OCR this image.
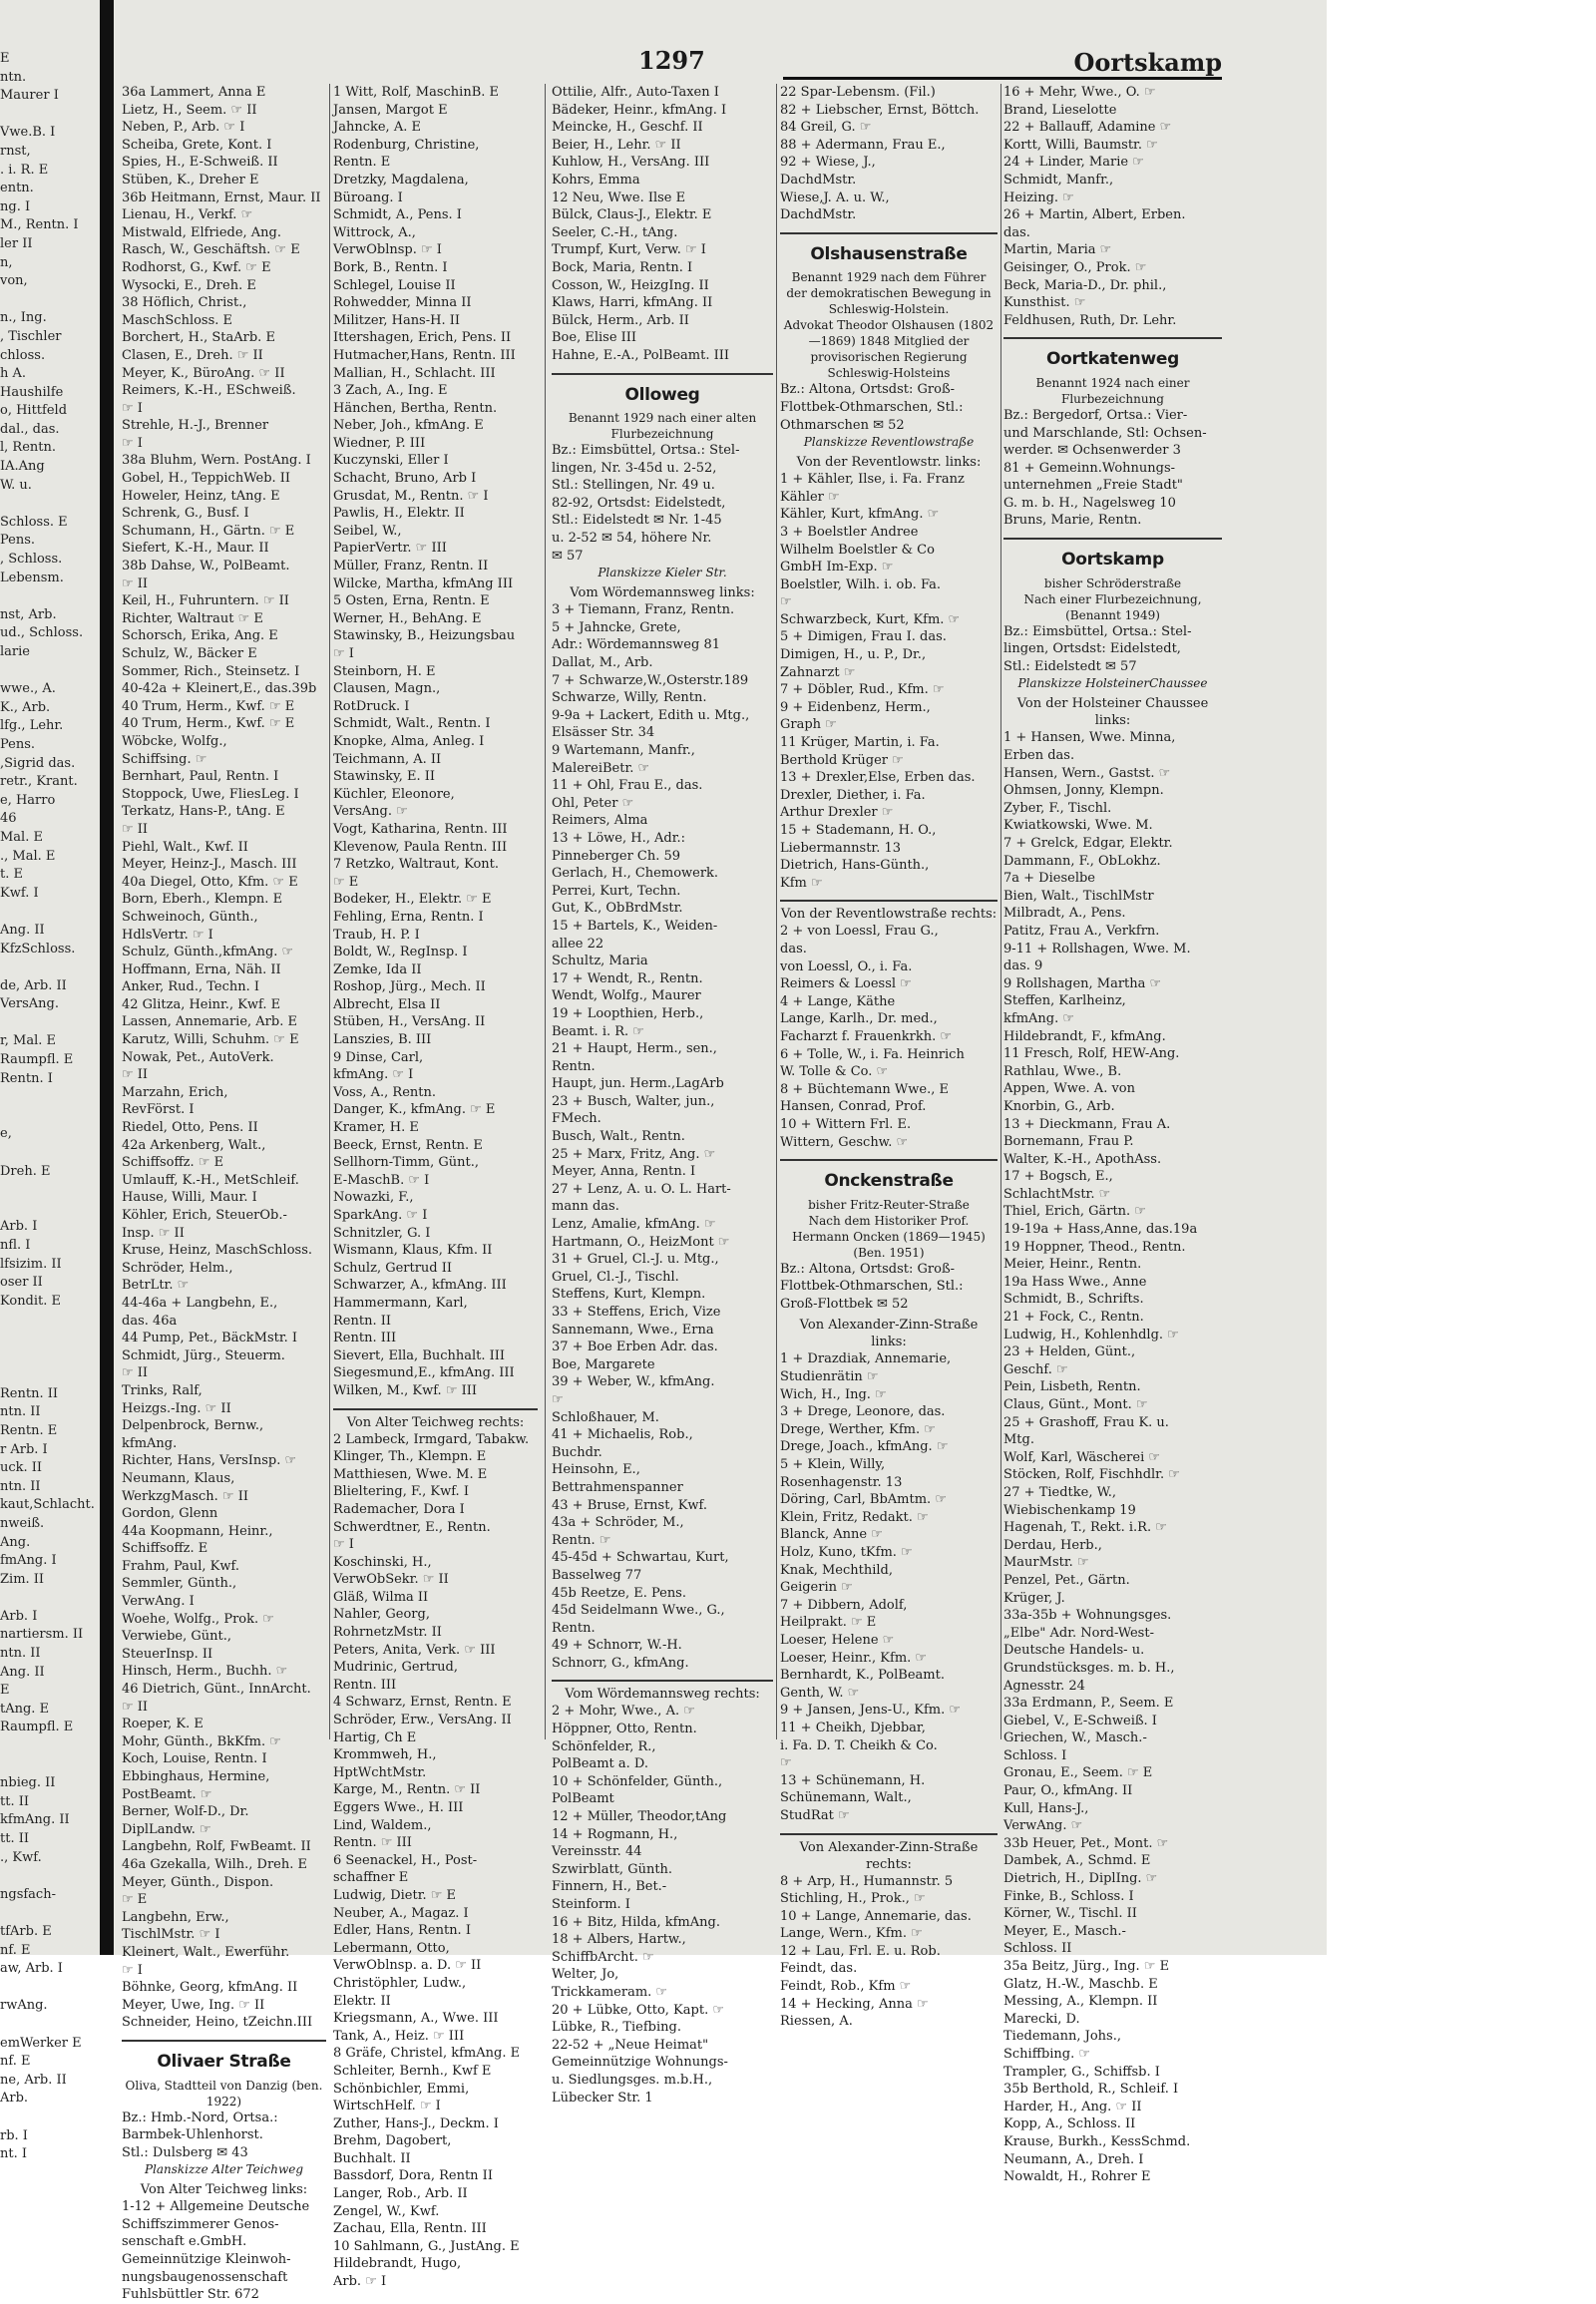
E
ntn.
Maurer I
Vwe.B. I
rnst,
. i. R. E
entn.
ng. I
M., Rentn. I
ler II
n,
von,
n., Ing.
, Tischler
chloss.
h A.
Haushilfe
o, Hittfeld
dal., das.
l, Rentn.
IA.Ang
W. u.
Schloss. E
Pens.
, Schloss.
Lebensm.
nst, Arb.
ud., Schloss.
larie
wwe., A.
K., Arb.
lfg., Lehr.
Pens.
,Sigrid das.
retr., Krant.
e, Harro
46
Mal. E
., Mal. E
t. E
Kwf. I
Ang. II
KfzSchloss.
de, Arb. II
VersAng.
r, Mal. E
Raumpfl. E
Rentn. I
e,
Dreh. E
Arb. I
nfl. I
lfsizim. II
oser II
Kondit. E
Rentn. II
ntn. II
Rentn. E
r Arb. I
uck. II
ntn. II
kaut,Schlacht.
nweiß.
Ang.
fmAng. I
Zim. II
Arb. I
nartiersm. II
ntn. II
Ang. II
E
tAng. E
Raumpfl. E
nbieg. II
tt. II
kfmAng. II
tt. II
., Kwf.
ngsfach-
tfArb. E
nf. E
aw, Arb. I
rwAng.
emWerker E
nf. E
ne, Arb. II
Arb.
rb. I
nt. I
1297	Oortskamp
36a Lammert, Anna E
Lietz, H., Seem. ☞ II
Neben, P., Arb. ☞ I
Scheiba, Grete, Kont. I
Spies, H., E-Schweiß. II
Stüben, K., Dreher E
36b Heitmann, Ernst, Maur. II
Lienau, H., Verkf. ☞
Mistwald, Elfriede, Ang.
Rasch, W., Geschäftsh. ☞ E
Rodhorst, G., Kwf. ☞ E
Wysocki, E., Dreh. E
38 Höflich, Christ.,
MaschSchloss. E
Borchert, H., StaArb. E
Clasen, E., Dreh. ☞ II
Meyer, K., BüroAng. ☞ II
Reimers, K.-H., ESchweiß.
☞ I
Strehle, H.-J., Brenner
☞ I
38a Bluhm, Wern. PostAng. I
Gobel, H., TeppichWeb. II
Howeler, Heinz, tAng. E
Schrenk, G., Busf. I
Schumann, H., Gärtn. ☞ E
Siefert, K.-H., Maur. II
38b Dahse, W., PolBeamt.
☞ II
Keil, H., Fuhruntern. ☞ II
Richter, Waltraut ☞ E
Schorsch, Erika, Ang. E
Schulz, W., Bäcker E
Sommer, Rich., Steinsetz. I
40-42a + Kleinert,E., das.39b
40 Trum, Herm., Kwf. ☞ E
40 Trum, Herm., Kwf. ☞ E
Wöbcke, Wolfg.,
Schiffsing. ☞
Bernhart, Paul, Rentn. I
Stoppock, Uwe, FliesLeg. I
Terkatz, Hans-P., tAng. E
☞ II
Piehl, Walt., Kwf. II
Meyer, Heinz-J., Masch. III
40a Diegel, Otto, Kfm. ☞ E
Born, Eberh., Klempn. E
Schweinoch, Günth.,
HdlsVertr. ☞ I
Schulz, Günth.,kfmAng. ☞
Hoffmann, Erna, Näh. II
Anker, Rud., Techn. I
42 Glitza, Heinr., Kwf. E
Lassen, Annemarie, Arb. E
Karutz, Willi, Schuhm. ☞ E
Nowak, Pet., AutoVerk.
☞ II
Marzahn, Erich,
RevFörst. I
Riedel, Otto, Pens. II
42a Arkenberg, Walt.,
Schiffsoffz. ☞ E
Umlauff, K.-H., MetSchleif.
Hause, Willi, Maur. I
Köhler, Erich, SteuerOb.-
Insp. ☞ II
Kruse, Heinz, MaschSchloss.
Schröder, Helm.,
BetrLtr. ☞
44-46a + Langbehn, E.,
das. 46a
44 Pump, Pet., BäckMstr. I
Schmidt, Jürg., Steuerm.
☞ II
Trinks, Ralf,
Heizgs.-Ing. ☞ II
Delpenbrock, Bernw.,
kfmAng.
Richter, Hans, VersInsp. ☞
Neumann, Klaus,
WerkzgMasch. ☞ II
Gordon, Glenn
44a Koopmann, Heinr.,
Schiffsoffz. E
Frahm, Paul, Kwf.
Semmler, Günth.,
VerwAng. I
Woehe, Wolfg., Prok. ☞
Verwiebe, Günt.,
SteuerInsp. II
Hinsch, Herm., Buchh. ☞
46 Dietrich, Günt., InnArcht.
☞ II
Roeper, K. E
Mohr, Günth., BkKfm. ☞
Koch, Louise, Rentn. I
Ebbinghaus, Hermine,
PostBeamt. ☞
Berner, Wolf-D., Dr.
DiplLandw. ☞
Langbehn, Rolf, FwBeamt. II
46a Gzekalla, Wilh., Dreh. E
Meyer, Günth., Dispon.
☞ E
Langbehn, Erw.,
TischlMstr. ☞ I
Kleinert, Walt., Ewerführ.
☞ I
Böhnke, Georg, kfmAng. II
Meyer, Uwe, Ing. ☞ II
Schneider, Heino, tZeichn.III
Olivaer Straße
Oliva, Stadtteil von Danzig (ben. 1922)
Bz.: Hmb.-Nord, Ortsa.:
Barmbek-Uhlenhorst.
Stl.: Dulsberg ✉ 43
Planskizze Alter Teichweg
Von Alter Teichweg links:
1-12 + Allgemeine Deutsche
Schiffszimmerer Genos-
senschaft e.GmbH.
Gemeinnützige Kleinwoh-
nungsbaugenossenschaft
Fuhlsbüttler Str. 672
1 Witt, Rolf, MaschinB. E
Jansen, Margot E
Jahncke, A. E
Rodenburg, Christine,
Rentn. E
Dretzky, Magdalena,
Büroang. I
Schmidt, A., Pens. I
Wittrock, A.,
VerwOblnsp. ☞ I
Bork, B., Rentn. I
Schlegel, Louise II
Rohwedder, Minna II
Militzer, Hans-H. II
Ittershagen, Erich, Pens. II
Hutmacher,Hans, Rentn. III
Mallian, H., Schlacht. III
3 Zach, A., Ing. E
Hänchen, Bertha, Rentn.
Neber, Joh., kfmAng. E
Wiedner, P. III
Kuczynski, Eller I
Schacht, Bruno, Arb I
Grusdat, M., Rentn. ☞ I
Pawlis, H., Elektr. II
Seibel, W.,
PapierVertr. ☞ III
Müller, Franz, Rentn. II
Wilcke, Martha, kfmAng III
5 Osten, Erna, Rentn. E
Werner, H., BehAng. E
Stawinsky, B., Heizungsbau
☞ I
Steinborn, H. E
Clausen, Magn.,
RotDruck. I
Schmidt, Walt., Rentn. I
Knopke, Alma, Anleg. I
Teichmann, A. II
Stawinsky, E. II
Küchler, Eleonore,
VersAng. ☞
Vogt, Katharina, Rentn. III
Klevenow, Paula Rentn. III
7 Retzko, Waltraut, Kont.
☞ E
Bodeker, H., Elektr. ☞ E
Fehling, Erna, Rentn. I
Traub, H. P. I
Boldt, W., RegInsp. I
Zemke, Ida II
Roshop, Jürg., Mech. II
Albrecht, Elsa II
Stüben, H., VersAng. II
Lanszies, B. III
9 Dinse, Carl,
kfmAng. ☞ I
Voss, A., Rentn.
Danger, K., kfmAng. ☞ E
Kramer, H. E
Beeck, Ernst, Rentn. E
Sellhorn-Timm, Günt.,
E-MaschB. ☞ I
Nowazki, F.,
SparkAng. ☞ I
Schnitzler, G. I
Wismann, Klaus, Kfm. II
Schulz, Gertrud II
Schwarzer, A., kfmAng. III
Hammermann, Karl,
Rentn. II
Rentn. III
Sievert, Ella, Buchhalt. III
Siegesmund,E., kfmAng. III
Wilken, M., Kwf. ☞ III
Von Alter Teichweg rechts:
2 Lambeck, Irmgard, Tabakw.
Klinger, Th., Klempn. E
Matthiesen, Wwe. M. E
Blieltering, F., Kwf. I
Rademacher, Dora I
Schwerdtner, E., Rentn.
☞ I
Koschinski, H.,
VerwObSekr. ☞ II
Gläß, Wilma II
Nahler, Georg,
RohrnetzMstr. II
Peters, Anita, Verk. ☞ III
Mudrinic, Gertrud,
Rentn. III
4 Schwarz, Ernst, Rentn. E
Schröder, Erw., VersAng. II
Hartig, Ch E
Krommweh, H.,
HptWchtMstr.
Karge, M., Rentn. ☞ II
Eggers Wwe., H. III
Lind, Waldem.,
Rentn. ☞ III
6 Seenackel, H., Post-
schaffner E
Ludwig, Dietr. ☞ E
Neuber, A., Magaz. I
Edler, Hans, Rentn. I
Lebermann, Otto,
VerwOblnsp. a. D. ☞ II
Christöphler, Ludw.,
Elektr. II
Kriegsmann, A., Wwe. III
Tank, A., Heiz. ☞ III
8 Gräfe, Christel, kfmAng. E
Schleiter, Bernh., Kwf E
Schönbichler, Emmi,
WirtschHelf. ☞ I
Zuther, Hans-J., Deckm. I
Brehm, Dagobert,
Buchhalt. II
Bassdorf, Dora, Rentn II
Langer, Rob., Arb. II
Zengel, W., Kwf.
Zachau, Ella, Rentn. III
10 Sahlmann, G., JustAng. E
Hildebrandt, Hugo,
Arb. ☞ I
Ottilie, Alfr., Auto-Taxen I
Bädeker, Heinr., kfmAng. I
Meincke, H., Geschf. II
Beier, H., Lehr. ☞ II
Kuhlow, H., VersAng. III
Kohrs, Emma
12 Neu, Wwe. Ilse E
Bülck, Claus-J., Elektr. E
Seeler, C.-H., tAng.
Trumpf, Kurt, Verw. ☞ I
Bock, Maria, Rentn. I
Cosson, W., HeizgIng. II
Klaws, Harri, kfmAng. II
Bülck, Herm., Arb. II
Boe, Elise III
Hahne, E.-A., PolBeamt. III
Olloweg
Benannt 1929 nach einer alten Flurbezeichnung
Bz.: Eimsbüttel, Ortsa.: Stel-
lingen, Nr. 3-45d u. 2-52,
Stl.: Stellingen, Nr. 49 u.
82-92, Ortsdst: Eidelstedt,
Stl.: Eidelstedt ✉ Nr. 1-45
u. 2-52 ✉ 54, höhere Nr.
✉ 57
Planskizze Kieler Str.
Vom Wördemannsweg links:
3 + Tiemann, Franz, Rentn.
5 + Jahncke, Grete,
Adr.: Wördemannsweg 81
Dallat, M., Arb.
7 + Schwarze,W.,Osterstr.189
Schwarze, Willy, Rentn.
9-9a + Lackert, Edith u. Mtg.,
Elsässer Str. 34
9 Wartemann, Manfr.,
MalereiBetr. ☞
11 + Ohl, Frau E., das.
Ohl, Peter ☞
Reimers, Alma
13 + Löwe, H., Adr.:
Pinneberger Ch. 59
Gerlach, H., Chemowerk.
Perrei, Kurt, Techn.
Gut, K., ObBrdMstr.
15 + Bartels, K., Weiden-
allee 22
Schultz, Maria
17 + Wendt, R., Rentn.
Wendt, Wolfg., Maurer
19 + Loopthien, Herb.,
Beamt. i. R. ☞
21 + Haupt, Herm., sen.,
Rentn.
Haupt, jun. Herm.,LagArb
23 + Busch, Walter, jun.,
FMech.
Busch, Walt., Rentn.
25 + Marx, Fritz, Ang. ☞
Meyer, Anna, Rentn. I
27 + Lenz, A. u. O. L. Hart-
mann das.
Lenz, Amalie, kfmAng. ☞
Hartmann, O., HeizMont ☞
31 + Gruel, Cl.-J. u. Mtg.,
Gruel, Cl.-J., Tischl.
Steffens, Kurt, Klempn.
33 + Steffens, Erich, Vize
Sannemann, Wwe., Erna
37 + Boe Erben Adr. das.
Boe, Margarete
39 + Weber, W., kfmAng.
☞
Schloßhauer, M.
41 + Michaelis, Rob.,
Buchdr.
Heinsohn, E.,
Bettrahmenspanner
43 + Bruse, Ernst, Kwf.
43a + Schröder, M.,
Rentn. ☞
45-45d + Schwartau, Kurt,
Basselweg 77
45b Reetze, E. Pens.
45d Seidelmann Wwe., G.,
Rentn.
49 + Schnorr, W.-H.
Schnorr, G., kfmAng.
Vom Wördemannsweg rechts:
2 + Mohr, Wwe., A. ☞
Höppner, Otto, Rentn.
Schönfelder, R.,
PolBeamt a. D.
10 + Schönfelder, Günth.,
PolBeamt
12 + Müller, Theodor,tAng
14 + Rogmann, H.,
Vereinsstr. 44
Szwirblatt, Günth.
Finnern, H., Bet.-
Steinform. I
16 + Bitz, Hilda, kfmAng.
18 + Albers, Hartw.,
SchiffbArcht. ☞
Welter, Jo,
Trickkameram. ☞
20 + Lübke, Otto, Kapt. ☞
Lübke, R., Tiefbing.
22-52 + „Neue Heimat"
Gemeinnützige Wohnungs-
u. Siedlungsges. m.b.H.,
Lübecker Str. 1
22 Spar-Lebensm. (Fil.)
82 + Liebscher, Ernst, Böttch.
84 Greil, G. ☞
88 + Adermann, Frau E.,
92 + Wiese, J.,
DachdMstr.
Wiese,J. A. u. W.,
DachdMstr.
Olshausenstraße
Benannt 1929 nach dem Führer der demokratischen Bewegung in Schleswig-Holstein.
Advokat Theodor Olshausen (1802—1869) 1848 Mitglied der provisorischen Regierung Schleswig-Holsteins
Bz.: Altona, Ortsdst: Groß-
Flottbek-Othmarschen, Stl.:
Othmarschen ✉ 52
Planskizze Reventlowstraße
Von der Reventlowstr. links:
1 + Kähler, Ilse, i. Fa. Franz
Kähler ☞
Kähler, Kurt, kfmAng. ☞
3 + Boelstler Andree
Wilhelm Boelstler & Co
GmbH Im-Exp. ☞
Boelstler, Wilh. i. ob. Fa.
☞
Schwarzbeck, Kurt, Kfm. ☞
5 + Dimigen, Frau I. das.
Dimigen, H., u. P., Dr.,
Zahnarzt ☞
7 + Döbler, Rud., Kfm. ☞
9 + Eidenbenz, Herm.,
Graph ☞
11 Krüger, Martin, i. Fa.
Berthold Krüger ☞
13 + Drexler,Else, Erben das.
Drexler, Diether, i. Fa.
Arthur Drexler ☞
15 + Stademann, H. O.,
Liebermannstr. 13
Dietrich, Hans-Günth.,
Kfm ☞
Von der Reventlowstraße rechts:
2 + von Loessl, Frau G.,
das.
von Loessl, O., i. Fa.
Reimers & Loessl ☞
4 + Lange, Käthe
Lange, Karlh., Dr. med.,
Facharzt f. Frauenkrkh. ☞
6 + Tolle, W., i. Fa. Heinrich
W. Tolle & Co. ☞
8 + Büchtemann Wwe., E
Hansen, Conrad, Prof.
10 + Wittern Frl. E.
Wittern, Geschw. ☞
Onckenstraße
bisher Fritz-Reuter-Straße
Nach dem Historiker Prof. Hermann Oncken (1869—1945) (Ben. 1951)
Bz.: Altona, Ortsdst: Groß-
Flottbek-Othmarschen, Stl.:
Groß-Flottbek ✉ 52
Von Alexander-Zinn-Straße links:
1 + Drazdiak, Annemarie,
Studienrätin ☞
Wich, H., Ing. ☞
3 + Drege, Leonore, das.
Drege, Werther, Kfm. ☞
Drege, Joach., kfmAng. ☞
5 + Klein, Willy,
Rosenhagenstr. 13
Döring, Carl, BbAmtm. ☞
Klein, Fritz, Redakt. ☞
Blanck, Anne ☞
Holz, Kuno, tKfm. ☞
Knak, Mechthild,
Geigerin ☞
7 + Dibbern, Adolf,
Heilprakt. ☞ E
Loeser, Helene ☞
Loeser, Heinr., Kfm. ☞
Bernhardt, K., PolBeamt.
Genth, W. ☞
9 + Jansen, Jens-U., Kfm. ☞
11 + Cheikh, Djebbar,
i. Fa. D. T. Cheikh & Co.
☞
13 + Schünemann, H.
Schünemann, Walt.,
StudRat ☞
Von Alexander-Zinn-Straße rechts:
8 + Arp, H., Humannstr. 5
Stichling, H., Prok., ☞
10 + Lange, Annemarie, das.
Lange, Wern., Kfm. ☞
12 + Lau, Frl. E. u. Rob.
Feindt, das.
Feindt, Rob., Kfm ☞
14 + Hecking, Anna ☞
Riessen, A.
16 + Mehr, Wwe., O. ☞
Brand, Lieselotte
22 + Ballauff, Adamine ☞
Kortt, Willi, Baumstr. ☞
24 + Linder, Marie ☞
Schmidt, Manfr.,
Heizing. ☞
26 + Martin, Albert, Erben.
das.
Martin, Maria ☞
Geisinger, O., Prok. ☞
Beck, Maria-D., Dr. phil.,
Kunsthist. ☞
Feldhusen, Ruth, Dr. Lehr.
Oortkatenweg
Benannt 1924 nach einer Flurbezeichnung
Bz.: Bergedorf, Ortsa.: Vier-
und Marschlande, Stl: Ochsen-
werder. ✉ Ochsenwerder 3
81 + Gemeinn.Wohnungs-
unternehmen „Freie Stadt"
G. m. b. H., Nagelsweg 10
Bruns, Marie, Rentn.
Oortskamp
bisher Schröderstraße
Nach einer Flurbezeichnung, (Benannt 1949)
Bz.: Eimsbüttel, Ortsa.: Stel-
lingen, Ortsdst: Eidelstedt,
Stl.: Eidelstedt ✉ 57
Planskizze HolsteinerChaussee
Von der Holsteiner Chaussee links:
1 + Hansen, Wwe. Minna,
Erben das.
Hansen, Wern., Gastst. ☞
Ohmsen, Jonny, Klempn.
Zyber, F., Tischl.
Kwiatkowski, Wwe. M.
7 + Grelck, Edgar, Elektr.
Dammann, F., ObLokhz.
7a + Dieselbe
Bien, Walt., TischlMstr
Milbradt, A., Pens.
Patitz, Frau A., Verkfrn.
9-11 + Rollshagen, Wwe. M.
das. 9
9 Rollshagen, Martha ☞
Steffen, Karlheinz,
kfmAng. ☞
Hildebrandt, F., kfmAng.
11 Fresch, Rolf, HEW-Ang.
Rathlau, Wwe., B.
Appen, Wwe. A. von
Knorbin, G., Arb.
13 + Dieckmann, Frau A.
Bornemann, Frau P.
Walter, K.-H., ApothAss.
17 + Bogsch, E.,
SchlachtMstr. ☞
Thiel, Erich, Gärtn. ☞
19-19a + Hass,Anne, das.19a
19 Hoppner, Theod., Rentn.
Meier, Heinr., Rentn.
19a Hass Wwe., Anne
Schmidt, B., Schrifts.
21 + Fock, C., Rentn.
Ludwig, H., Kohlenhdlg. ☞
23 + Helden, Günt.,
Geschf. ☞
Pein, Lisbeth, Rentn.
Claus, Günt., Mont. ☞
25 + Grashoff, Frau K. u.
Mtg.
Wolf, Karl, Wäscherei ☞
Stöcken, Rolf, Fischhdlr. ☞
27 + Tiedtke, W.,
Wiebischenkamp 19
Hagenah, T., Rekt. i.R. ☞
Derdau, Herb.,
MaurMstr. ☞
Penzel, Pet., Gärtn.
Krüger, J.
33a-35b + Wohnungsges.
„Elbe" Adr. Nord-West-
Deutsche Handels- u.
Grundstücksges. m. b. H.,
Agnesstr. 24
33a Erdmann, P., Seem. E
Giebel, V., E-Schweiß. I
Griechen, W., Masch.-
Schloss. I
Gronau, E., Seem. ☞ E
Paur, O., kfmAng. II
Kull, Hans-J.,
VerwAng. ☞
33b Heuer, Pet., Mont. ☞
Dambek, A., Schmd. E
Dietrich, H., DiplIng. ☞
Finke, B., Schloss. I
Körner, W., Tischl. II
Meyer, E., Masch.-
Schloss. II
35a Beitz, Jürg., Ing. ☞ E
Glatz, H.-W., Maschb. E
Messing, A., Klempn. II
Marecki, D.
Tiedemann, Johs.,
Schiffbing. ☞
Trampler, G., Schiffsb. I
35b Berthold, R., Schleif. I
Harder, H., Ang. ☞ II
Kopp, A., Schloss. II
Krause, Burkh., KessSchmd.
Neumann, A., Dreh. I
Nowaldt, H., Rohrer E
